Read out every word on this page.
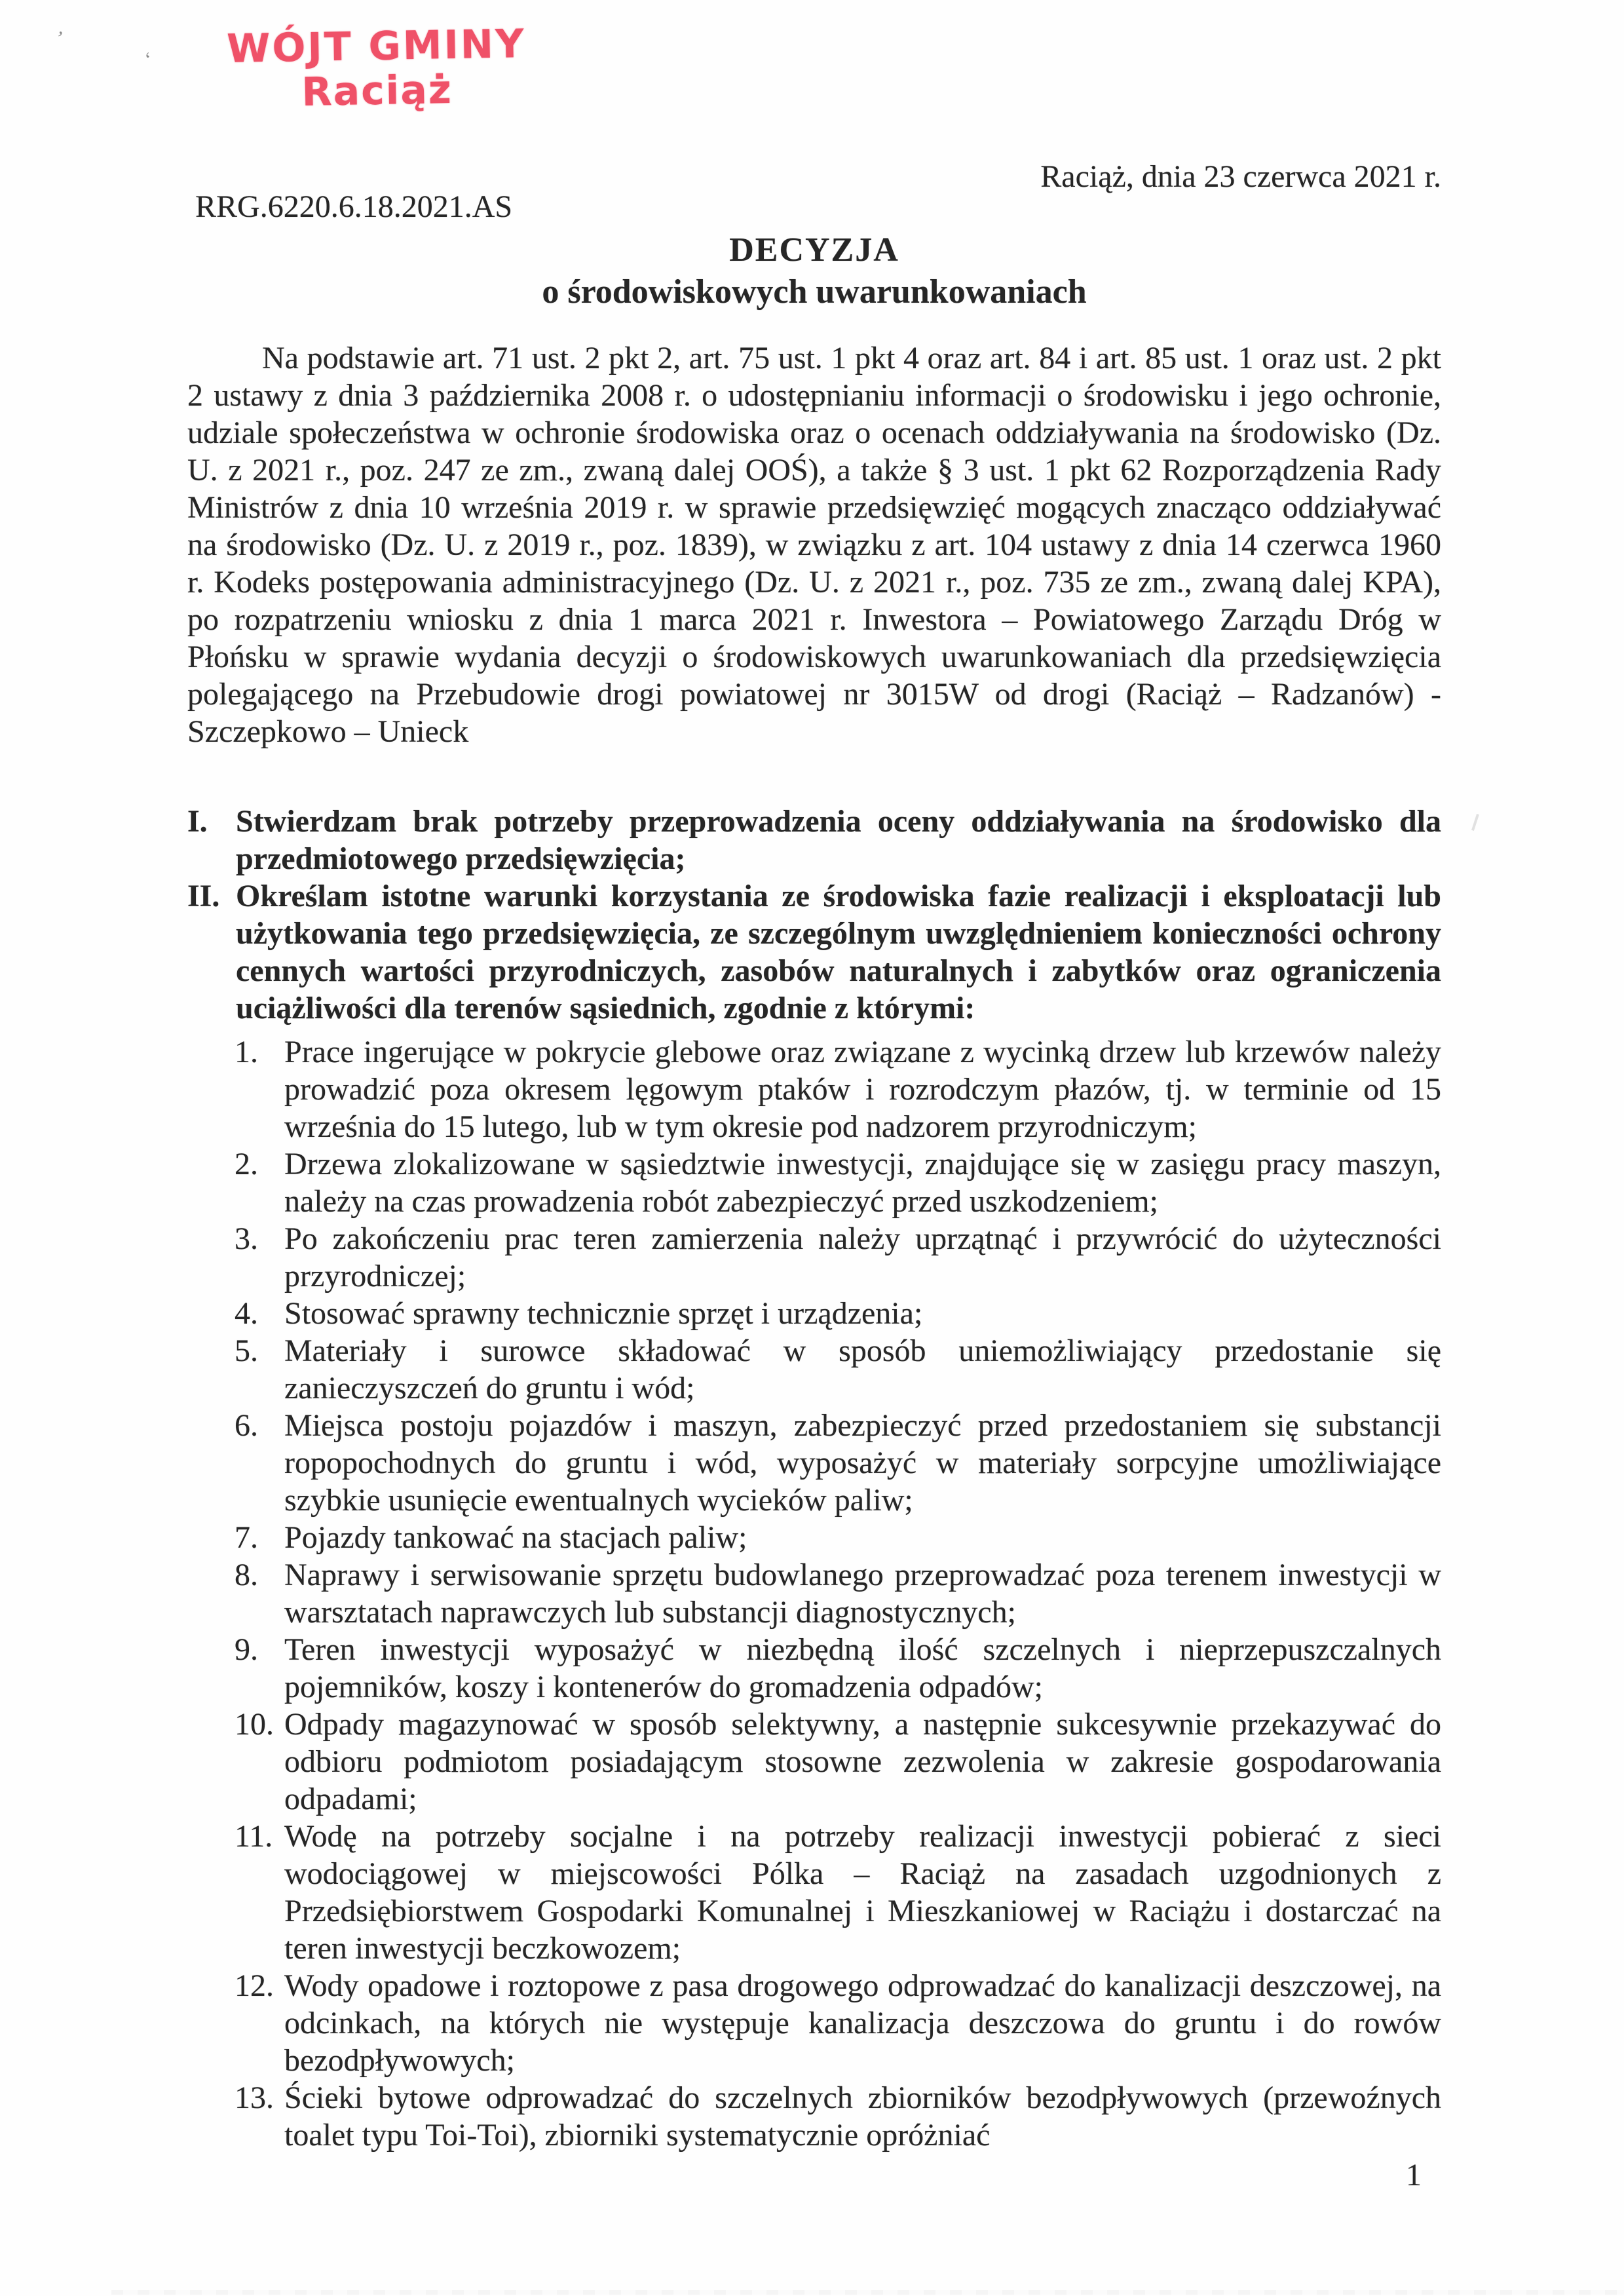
ʼ
ʻ WÓJT GMINY
Raciąż
Raciąż, dnia 23 czerwca 2021 r.
RRG.6220.6.18.2021.AS
DECYZJA
o środowiskowych uwarunkowaniach

Na podstawie art. 71 ust. 2 pkt 2, art. 75 ust. 1 pkt 4 oraz art. 84 i art. 85 ust. 1 oraz ust. 2 pkt 2 ustawy z dnia 3 października 2008 r. o udostępnianiu informacji o środowisku i jego ochronie, udziale społeczeństwa w ochronie środowiska oraz o ocenach oddziaływania na środowisko (Dz. U. z 2021 r., poz. 247 ze zm., zwaną dalej OOŚ), a także § 3 ust. 1 pkt 62 Rozporządzenia Rady Ministrów z dnia 10 września 2019 r. w sprawie przedsięwzięć mogących znacząco oddziaływać na środowisko (Dz. U. z 2019 r., poz. 1839), w związku z art. 104 ustawy z dnia 14 czerwca 1960 r. Kodeks postępowania administracyjnego (Dz. U. z 2021 r., poz. 735 ze zm., zwaną dalej KPA), po rozpatrzeniu wniosku z dnia 1 marca 2021 r. Inwestora – Powiatowego Zarządu Dróg w Płońsku w sprawie wydania decyzji o środowiskowych uwarunkowaniach dla przedsięwzięcia polegającego na Przebudowie drogi powiatowej nr 3015W od drogi (Raciąż – Radzanów) - Szczepkowo – Unieck

I. Stwierdzam brak potrzeby przeprowadzenia oceny oddziaływania na środowisko dla przedmiotowego przedsięwzięcia;
II. Określam istotne warunki korzystania ze środowiska fazie realizacji i eksploatacji lub użytkowania tego przedsięwzięcia, ze szczególnym uwzględnieniem konieczności ochrony cennych wartości przyrodniczych, zasobów naturalnych i zabytków oraz ograniczenia uciążliwości dla terenów sąsiednich, zgodnie z którymi:
1. Prace ingerujące w pokrycie glebowe oraz związane z wycinką drzew lub krzewów należy prowadzić poza okresem lęgowym ptaków i rozrodczym płazów, tj. w terminie od 15 września do 15 lutego, lub w tym okresie pod nadzorem przyrodniczym;
2. Drzewa zlokalizowane w sąsiedztwie inwestycji, znajdujące się w zasięgu pracy maszyn, należy na czas prowadzenia robót zabezpieczyć przed uszkodzeniem;
3. Po zakończeniu prac teren zamierzenia należy uprzątnąć i przywrócić do użyteczności przyrodniczej;
4. Stosować sprawny technicznie sprzęt i urządzenia;
5. Materiały i surowce składować w sposób uniemożliwiający przedostanie się zanieczyszczeń do gruntu i wód;
6. Miejsca postoju pojazdów i maszyn, zabezpieczyć przed przedostaniem się substancji ropopochodnych do gruntu i wód, wyposażyć w materiały sorpcyjne umożliwiające szybkie usunięcie ewentualnych wycieków paliw;
7. Pojazdy tankować na stacjach paliw;
8. Naprawy i serwisowanie sprzętu budowlanego przeprowadzać poza terenem inwestycji w warsztatach naprawczych lub substancji diagnostycznych;
9. Teren inwestycji wyposażyć w niezbędną ilość szczelnych i nieprzepuszczalnych pojemników, koszy i kontenerów do gromadzenia odpadów;
10. Odpady magazynować w sposób selektywny, a następnie sukcesywnie przekazywać do odbioru podmiotom posiadającym stosowne zezwolenia w zakresie gospodarowania odpadami;
11. Wodę na potrzeby socjalne i na potrzeby realizacji inwestycji pobierać z sieci wodociągowej w miejscowości Pólka – Raciąż na zasadach uzgodnionych z Przedsiębiorstwem Gospodarki Komunalnej i Mieszkaniowej w Raciążu i dostarczać na teren inwestycji beczkowozem;
12. Wody opadowe i roztopowe z pasa drogowego odprowadzać do kanalizacji deszczowej, na odcinkach, na których nie występuje kanalizacja deszczowa do gruntu i do rowów bezodpływowych;
13. Ścieki bytowe odprowadzać do szczelnych zbiorników bezodpływowych (przewoźnych toalet typu Toi-Toi), zbiorniki systematycznie opróżniać
1
